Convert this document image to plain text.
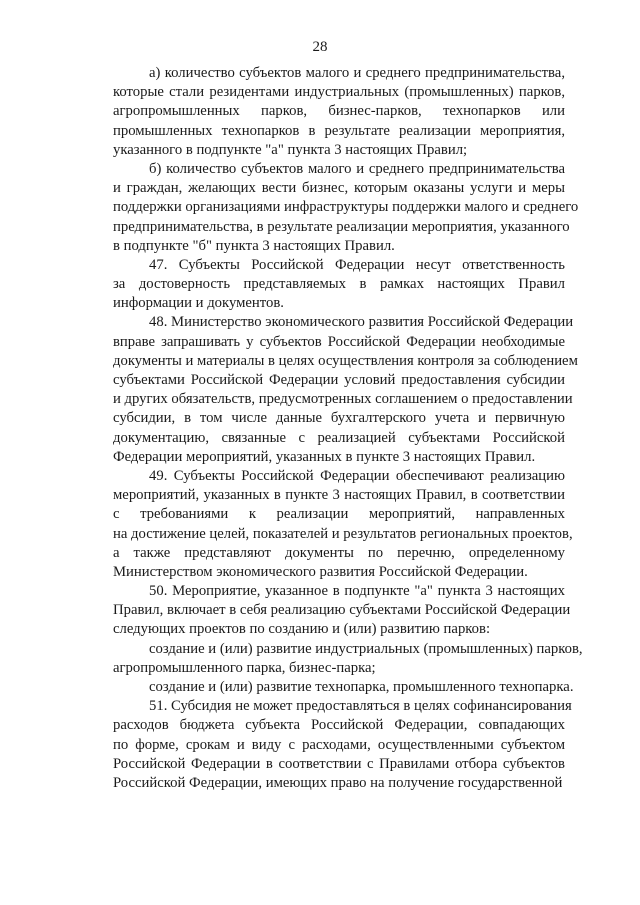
28
а) количество субъектов малого и среднего предпринимательства,
которые стали резидентами индустриальных (промышленных) парков,
агропромышленных парков, бизнес-парков, технопарков или
промышленных технопарков в результате реализации мероприятия,
указанного в подпункте "а" пункта 3 настоящих Правил;
б) количество субъектов малого и среднего предпринимательства
и граждан, желающих вести бизнес, которым оказаны услуги и меры
поддержки организациями инфраструктуры поддержки малого и среднего
предпринимательства, в результате реализации мероприятия, указанного
в подпункте "б" пункта 3 настоящих Правил.
47. Субъекты Российской Федерации несут ответственность
за достоверность представляемых в рамках настоящих Правил
информации и документов.
48. Министерство экономического развития Российской Федерации
вправе запрашивать у субъектов Российской Федерации необходимые
документы и материалы в целях осуществления контроля за соблюдением
субъектами Российской Федерации условий предоставления субсидии
и других обязательств, предусмотренных соглашением о предоставлении
субсидии, в том числе данные бухгалтерского учета и первичную
документацию, связанные с реализацией субъектами Российской
Федерации мероприятий, указанных в пункте 3 настоящих Правил.
49. Субъекты Российской Федерации обеспечивают реализацию
мероприятий, указанных в пункте 3 настоящих Правил, в соответствии
с требованиями к реализации мероприятий, направленных
на достижение целей, показателей и результатов региональных проектов,
а также представляют документы по перечню, определенному
Министерством экономического развития Российской Федерации.
50. Мероприятие, указанное в подпункте "а" пункта 3 настоящих
Правил, включает в себя реализацию субъектами Российской Федерации
следующих проектов по созданию и (или) развитию парков:
создание и (или) развитие индустриальных (промышленных) парков,
агропромышленного парка, бизнес-парка;
создание и (или) развитие технопарка, промышленного технопарка.
51. Субсидия не может предоставляться в целях софинансирования
расходов бюджета субъекта Российской Федерации, совпадающих
по форме, срокам и виду с расходами, осуществленными субъектом
Российской Федерации в соответствии с Правилами отбора субъектов
Российской Федерации, имеющих право на получение государственной
